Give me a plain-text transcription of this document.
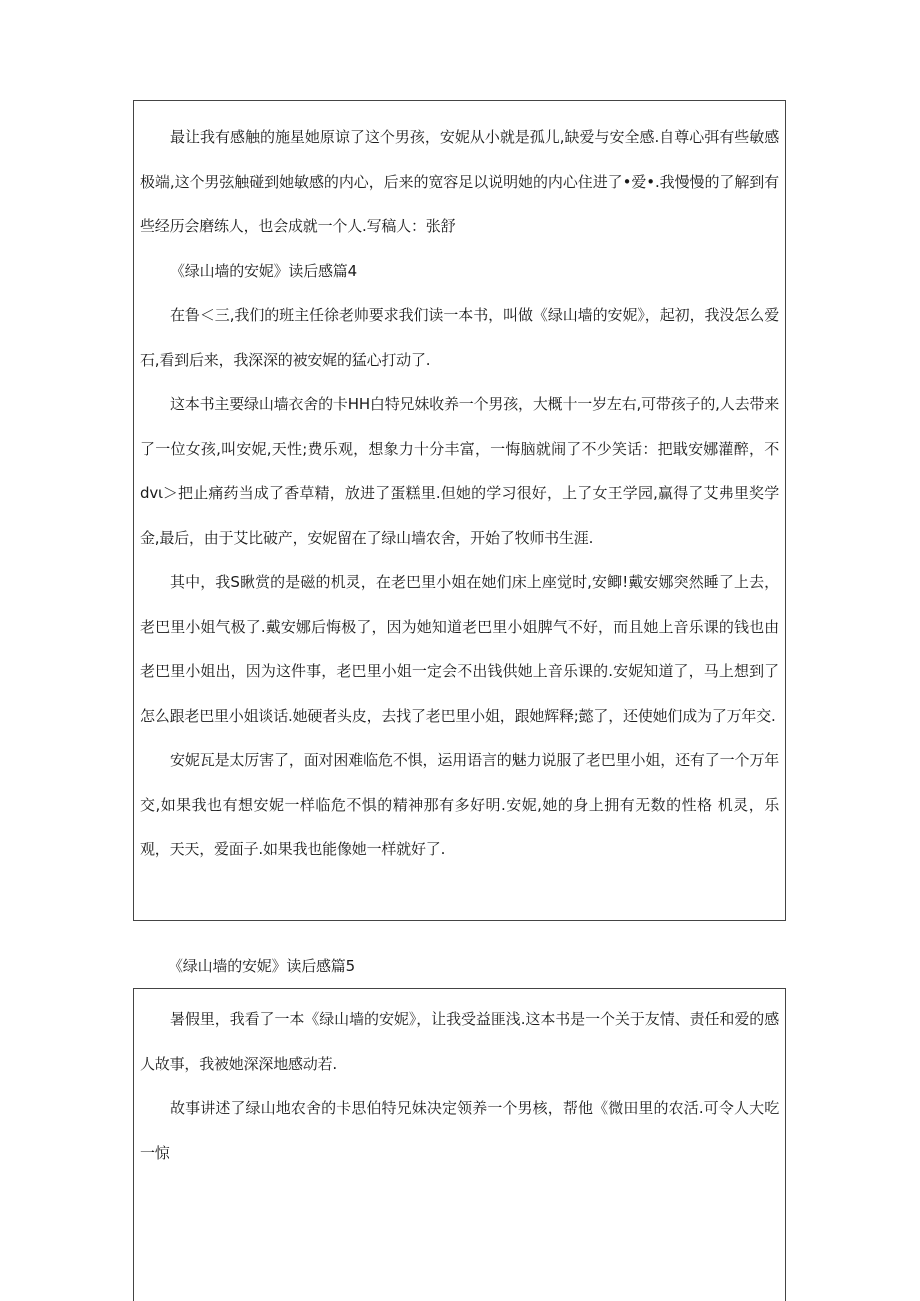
最让我有感触的施星她原谅了这个男孩，安妮从小就是孤儿,缺爱与安全感.自尊心弭有些敏感极端,这个男弦触碰到她敏感的内心，后来的宽容足以说明她的内心住进了•爱•.我慢慢的了解到有些经历会磨练人，也会成就一个人.写稿人：张舒

《绿山墙的安妮》读后感篇4

在鲁＜三,我们的班主任徐老帅要求我们读一本书，叫做《绿山墙的安妮》，起初，我没怎么爱石,看到后来，我深深的被安娓的猛心打动了.

这本书主要绿山墙衣舍的卡HH白特兄妹收养一个男孩，大概十一岁左右,可带孩子的,人去带来了一位女孩,叫安妮,天性;费乐观，想象力十分丰富，一悔脑就闹了不少笑话：把戢安娜灌醉，不dvι＞把止痛药当成了香草精，放进了蛋糕里.但她的学习很好，上了女王学园,赢得了艾弗里奖学金,最后，由于艾比破产，安妮留在了绿山墙农舍，开始了牧师书生涯.

其中，我S瞅赏的是磁的机灵，在老巴里小姐在她们床上座觉时,安鲫!戴安娜突然睡了上去，老巴里小姐气极了.戴安娜后悔极了，因为她知道老巴里小姐脾气不好，而且她上音乐课的钱也由老巴里小姐出，因为这件事，老巴里小姐一定会不出钱供她上音乐课的.安妮知道了，马上想到了怎么跟老巴里小姐谈话.她硬者头皮，去找了老巴里小姐，跟她辉释;懿了，还使她们成为了万年交.

安妮瓦是太厉害了，面对困难临危不惧，运用语言的魅力说服了老巴里小姐，还有了一个万年交,如果我也有想安妮一样临危不惧的精神那有多好明.安妮,她的身上拥有无数的性格 机灵，乐观，天天，爱面子.如果我也能像她一样就好了.

《绿山墙的安妮》读后感篇5

暑假里，我看了一本《绿山墙的安妮》，让我受益匪浅.这本书是一个关于友情、责任和爱的感人故事，我被她深深地感动若.

故事讲述了绿山地农舍的卡思伯特兄妹决定领养一个男核，帮他《微田里的农活.可令人大吃一惊
